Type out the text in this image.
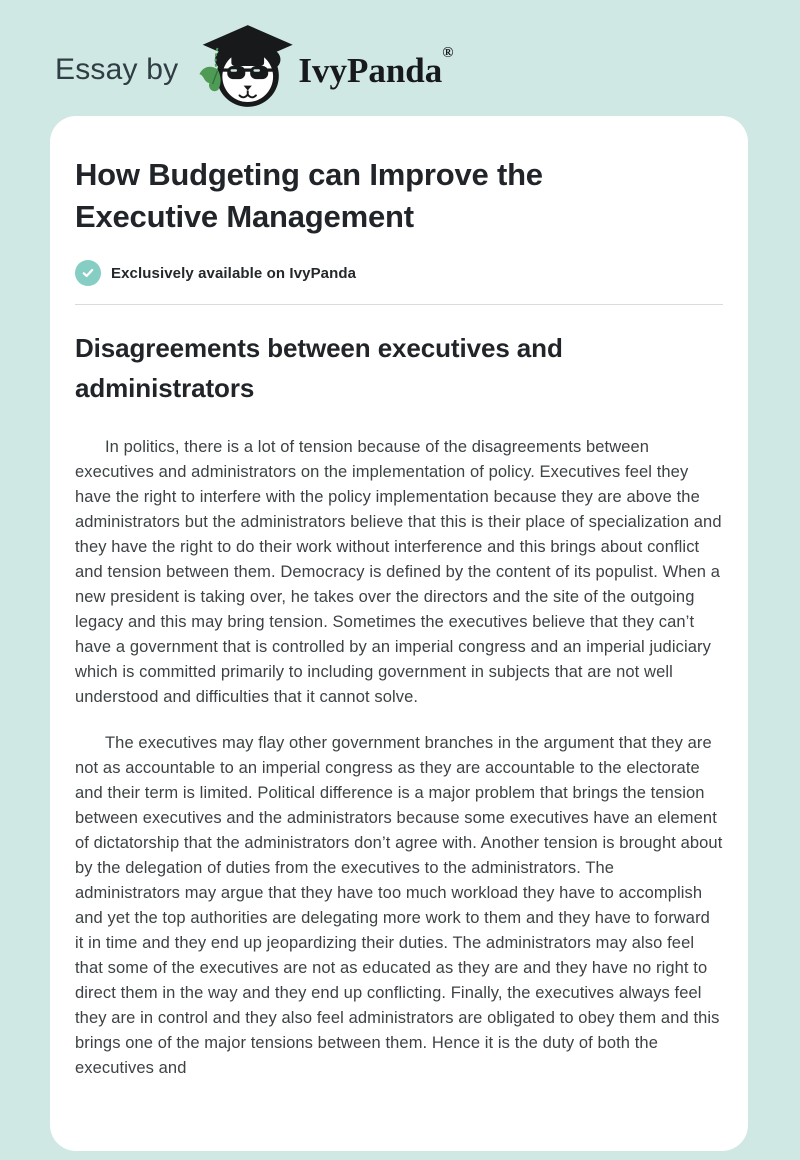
Essay by	IvyPanda®
How Budgeting can Improve the Executive Management
Exclusively available on IvyPanda
Disagreements between executives and administrators

In politics, there is a lot of tension because of the disagreements between executives and administrators on the implementation of policy. Executives feel they have the right to interfere with the policy implementation because they are above the administrators but the administrators believe that this is their place of specialization and they have the right to do their work without interference and this brings about conflict and tension between them. Democracy is defined by the content of its populist. When a new president is taking over, he takes over the directors and the site of the outgoing legacy and this may bring tension. Sometimes the executives believe that they can’t have a government that is controlled by an imperial congress and an imperial judiciary which is committed primarily to including government in subjects that are not well understood and difficulties that it cannot solve.

The executives may flay other government branches in the argument that they are not as accountable to an imperial congress as they are accountable to the electorate and their term is limited. Political difference is a major problem that brings the tension between executives and the administrators because some executives have an element of dictatorship that the administrators don’t agree with. Another tension is brought about by the delegation of duties from the executives to the administrators. The administrators may argue that they have too much workload they have to accomplish and yet the top authorities are delegating more work to them and they have to forward it in time and they end up jeopardizing their duties. The administrators may also feel that some of the executives are not as educated as they are and they have no right to direct them in the way and they end up conflicting. Finally, the executives always feel they are in control and they also feel administrators are obligated to obey them and this brings one of the major tensions between them. Hence it is the duty of both the executives and
